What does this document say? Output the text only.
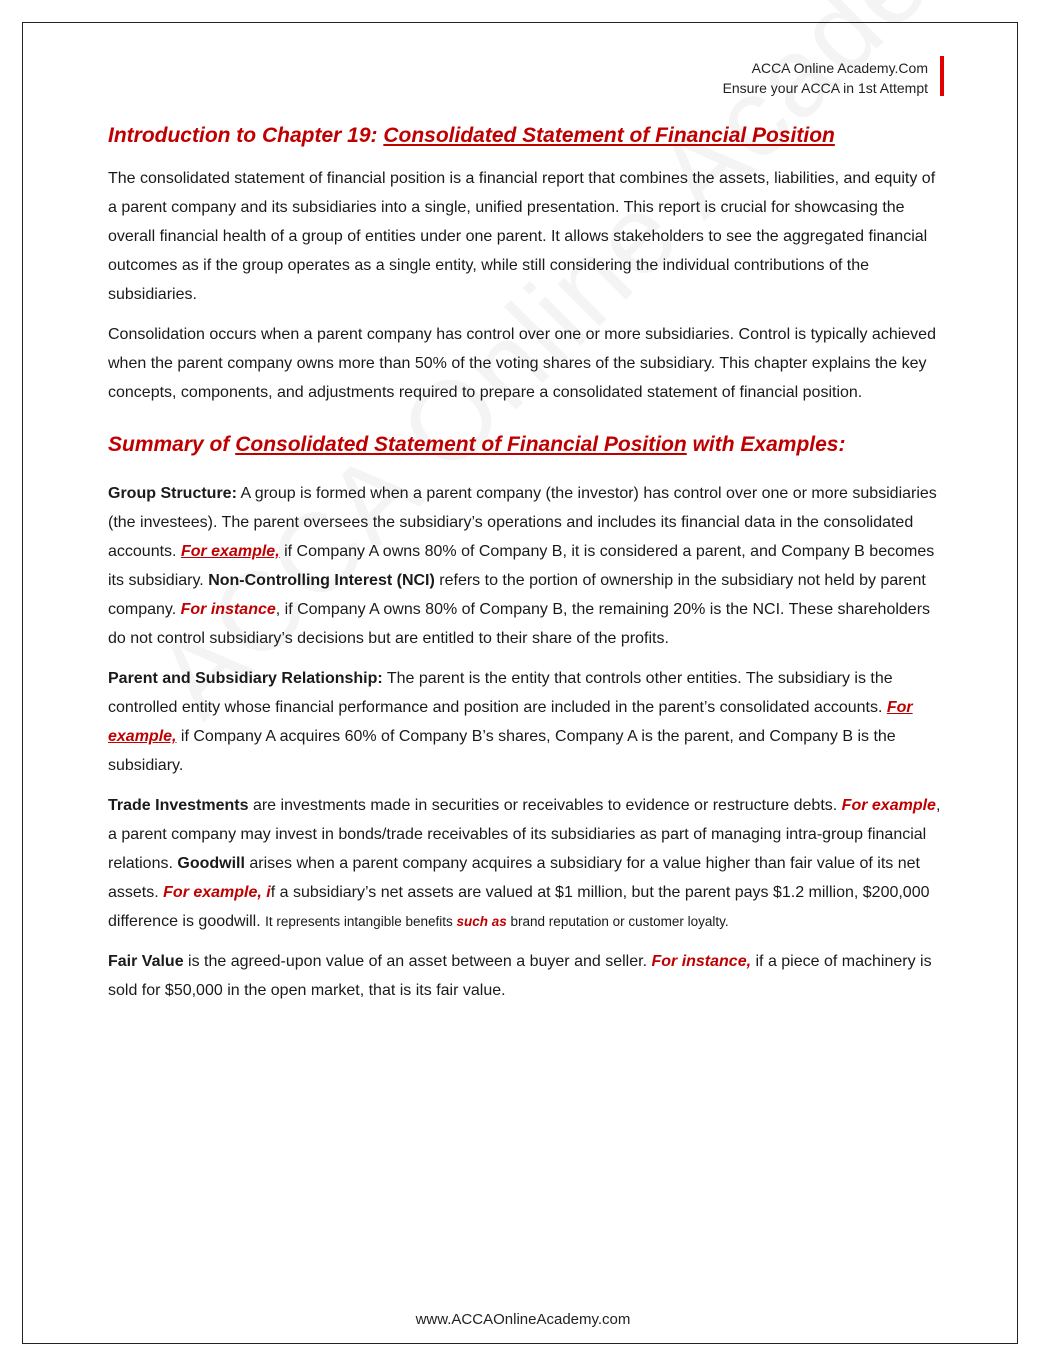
ACCA Online Academy.Com
Ensure your ACCA in 1st Attempt
Introduction to Chapter 19: Consolidated Statement of Financial Position

The consolidated statement of financial position is a financial report that combines the assets, liabilities, and equity of a parent company and its subsidiaries into a single, unified presentation. This report is crucial for showcasing the overall financial health of a group of entities under one parent. It allows stakeholders to see the aggregated financial outcomes as if the group operates as a single entity, while still considering the individual contributions of the subsidiaries.

Consolidation occurs when a parent company has control over one or more subsidiaries. Control is typically achieved when the parent company owns more than 50% of the voting shares of the subsidiary. This chapter explains the key concepts, components, and adjustments required to prepare a consolidated statement of financial position.

Summary of Consolidated Statement of Financial Position with Examples:

Group Structure: A group is formed when a parent company (the investor) has control over one or more subsidiaries (the investees). The parent oversees the subsidiary’s operations and includes its financial data in the consolidated accounts. For example, if Company A owns 80% of Company B, it is considered a parent, and Company B becomes its subsidiary. Non-Controlling Interest (NCI) refers to the portion of ownership in the subsidiary not held by parent company. For instance, if Company A owns 80% of Company B, the remaining 20% is the NCI. These shareholders do not control subsidiary’s decisions but are entitled to their share of the profits.

Parent and Subsidiary Relationship: The parent is the entity that controls other entities. The subsidiary is the controlled entity whose financial performance and position are included in the parent’s consolidated accounts. For example, if Company A acquires 60% of Company B’s shares, Company A is the parent, and Company B is the subsidiary.

Trade Investments are investments made in securities or receivables to evidence or restructure debts. For example, a parent company may invest in bonds/trade receivables of its subsidiaries as part of managing intra-group financial relations. Goodwill arises when a parent company acquires a subsidiary for a value higher than fair value of its net assets. For example, if a subsidiary’s net assets are valued at $1 million, but the parent pays $1.2 million, $200,000 difference is goodwill. It represents intangible benefits such as brand reputation or customer loyalty.

Fair Value is the agreed-upon value of an asset between a buyer and seller. For instance, if a piece of machinery is sold for $50,000 in the open market, that is its fair value.

www.ACCAOnlineAcademy.com
